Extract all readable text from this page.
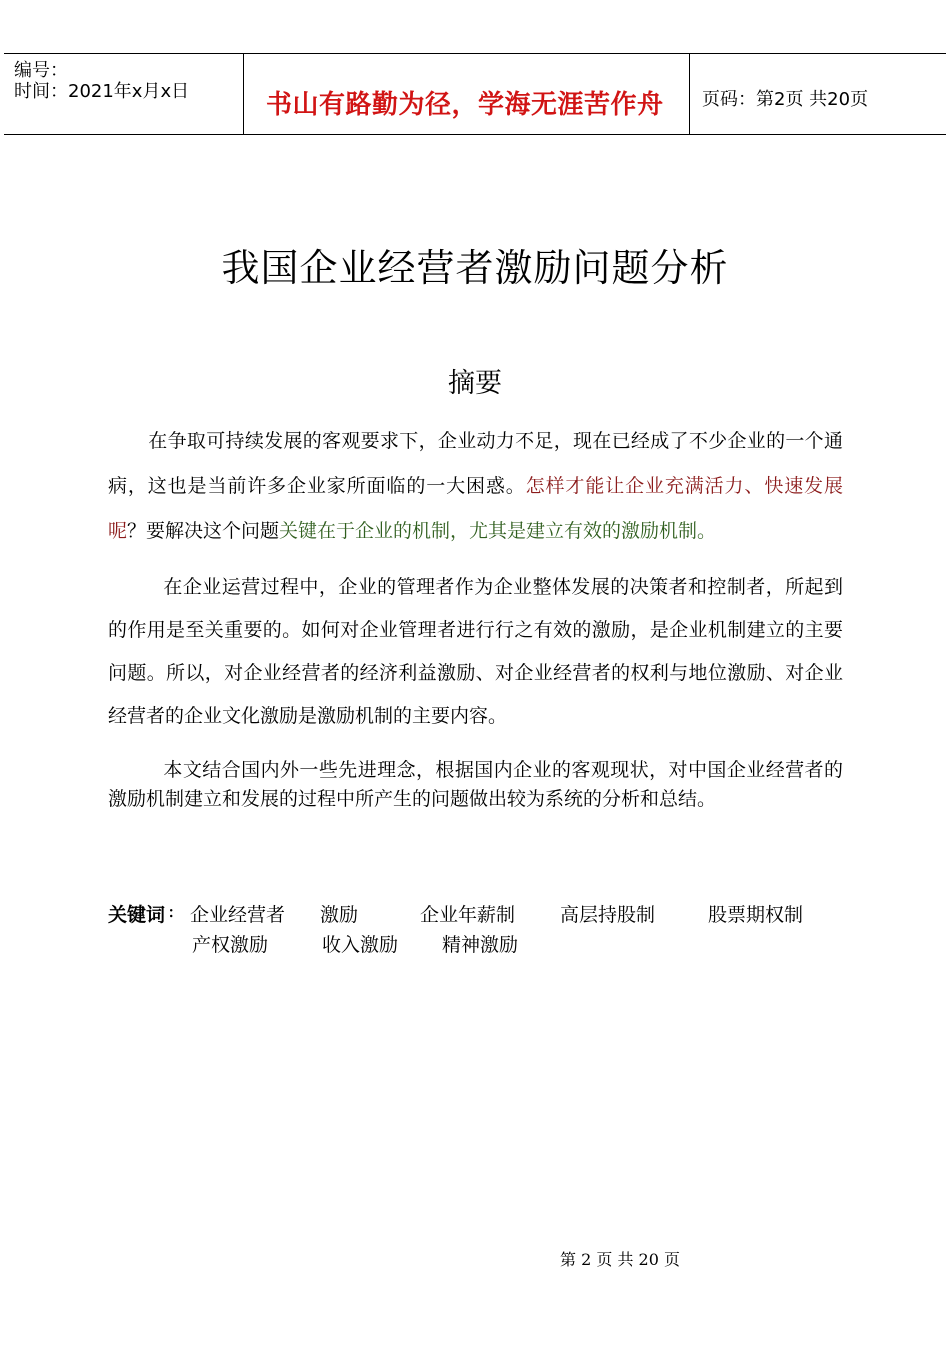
编号：
时间：2021年x月x日	书山有路勤为径，学海无涯苦作舟 页码：第2页 共20页
我国企业经营者激励问题分析
摘要
在争取可持续发展的客观要求下，企业动力不足，现在已经成了不少企业的一个通病，这也是当前许多企业家所面临的一大困惑。怎样才能让企业充满活力、快速发展呢？要解决这个问题关键在于企业的机制，尤其是建立有效的激励机制。
在企业运营过程中，企业的管理者作为企业整体发展的决策者和控制者，所起到的作用是至关重要的。如何对企业管理者进行行之有效的激励，是企业机制建立的主要问题。所以，对企业经营者的经济利益激励、对企业经营者的权利与地位激励、对企业经营者的企业文化激励是激励机制的主要内容。
本文结合国内外一些先进理念，根据国内企业的客观现状，对中国企业经营者的激励机制建立和发展的过程中所产生的问题做出较为系统的分析和总结。
关键词 : 企业经营者 激励	企业年薪制 高层持股制	股票期权制
产权激励	收入激励 精神激励
第 2 页 共 20 页
